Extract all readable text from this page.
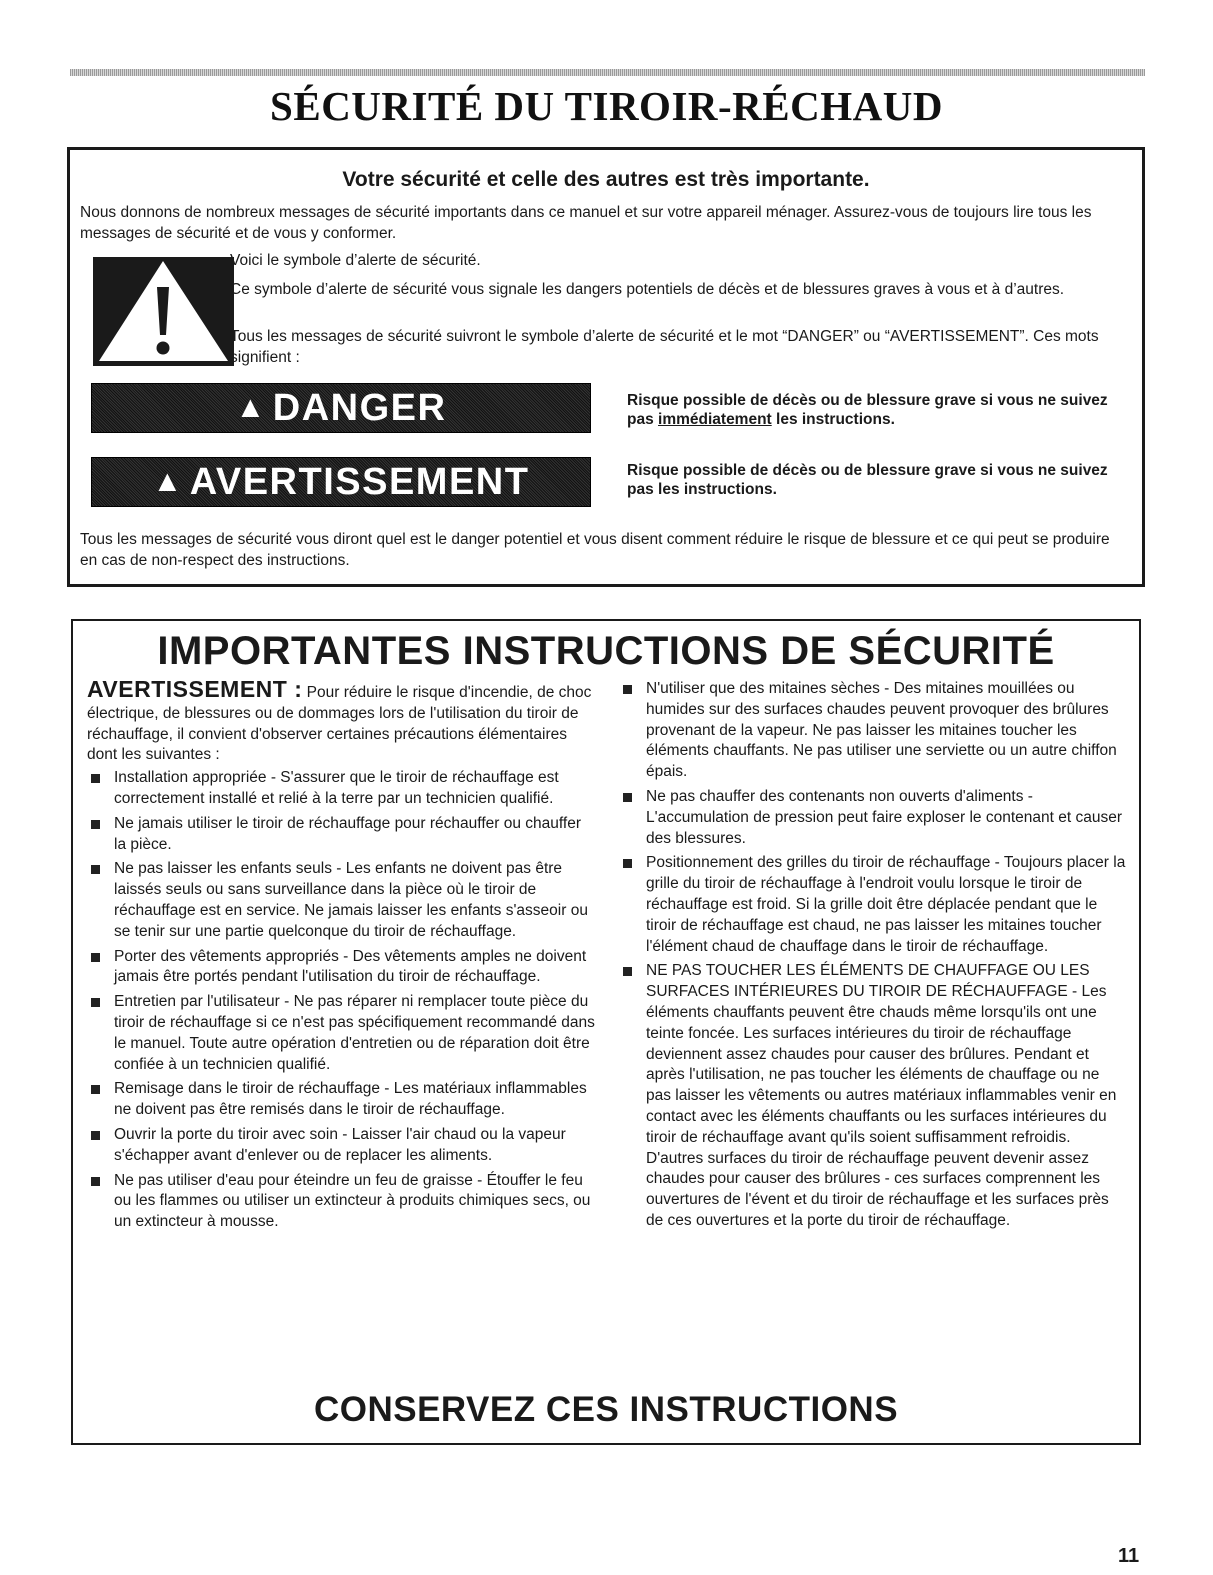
SÉCURITÉ DU TIROIR-RÉCHAUD
Votre sécurité et celle des autres est très importante.

Nous donnons de nombreux messages de sécurité importants dans ce manuel et sur votre appareil ménager. Assurez-vous de toujours lire tous les messages de sécurité et de vous y conformer.

Voici le symbole d’alerte de sécurité.

Ce symbole d’alerte de sécurité vous signale les dangers potentiels de décès et de blessures graves à vous et à d’autres.

Tous les messages de sécurité suivront le symbole d’alerte de sécurité et le mot “DANGER” ou “AVERTISSEMENT”. Ces mots signifient :

▲ DANGER	Risque possible de décès ou de blessure grave si vous ne suivez pas immédiatement les instructions.

▲ AVERTISSEMENT	Risque possible de décès ou de blessure grave si vous ne suivez pas les instructions.

Tous les messages de sécurité vous diront quel est le danger potentiel et vous disent comment réduire le risque de blessure et ce qui peut se produire en cas de non-respect des instructions.

IMPORTANTES INSTRUCTIONS DE SÉCURITÉ

AVERTISSEMENT : Pour réduire le risque d'incendie, de choc électrique, de blessures ou de dommages lors de l'utilisation du tiroir de réchauffage, il convient d'observer certaines précautions élémentaires dont les suivantes :

Installation appropriée - S'assurer que le tiroir de réchauffage est correctement installé et relié à la terre par un technicien qualifié.
Ne jamais utiliser le tiroir de réchauffage pour réchauffer ou chauffer la pièce.
Ne pas laisser les enfants seuls - Les enfants ne doivent pas être laissés seuls ou sans surveillance dans la pièce où le tiroir de réchauffage est en service. Ne jamais laisser les enfants s'asseoir ou se tenir sur une partie quelconque du tiroir de réchauffage.
Porter des vêtements appropriés - Des vêtements amples ne doivent jamais être portés pendant l'utilisation du tiroir de réchauffage.
Entretien par l'utilisateur - Ne pas réparer ni remplacer toute pièce du tiroir de réchauffage si ce n'est pas spécifiquement recommandé dans le manuel. Toute autre opération d'entretien ou de réparation doit être confiée à un technicien qualifié.
Remisage dans le tiroir de réchauffage - Les matériaux inflammables ne doivent pas être remisés dans le tiroir de réchauffage.
Ouvrir la porte du tiroir avec soin - Laisser l'air chaud ou la vapeur s'échapper avant d'enlever ou de replacer les aliments.
Ne pas utiliser d'eau pour éteindre un feu de graisse - Étouffer le feu ou les flammes ou utiliser un extincteur à produits chimiques secs, ou un extincteur à mousse.
N'utiliser que des mitaines sèches - Des mitaines mouillées ou humides sur des surfaces chaudes peuvent provoquer des brûlures provenant de la vapeur. Ne pas laisser les mitaines toucher les éléments chauffants. Ne pas utiliser une serviette ou un autre chiffon épais.
Ne pas chauffer des contenants non ouverts d'aliments - L'accumulation de pression peut faire exploser le contenant et causer des blessures.
Positionnement des grilles du tiroir de réchauffage - Toujours placer la grille du tiroir de réchauffage à l'endroit voulu lorsque le tiroir de réchauffage est froid. Si la grille doit être déplacée pendant que le tiroir de réchauffage est chaud, ne pas laisser les mitaines toucher l'élément chaud de chauffage dans le tiroir de réchauffage.
NE PAS TOUCHER LES ÉLÉMENTS DE CHAUFFAGE OU LES SURFACES INTÉRIEURES DU TIROIR DE RÉCHAUFFAGE - Les éléments chauffants peuvent être chauds même lorsqu'ils ont une teinte foncée. Les surfaces intérieures du tiroir de réchauffage deviennent assez chaudes pour causer des brûlures. Pendant et après l'utilisation, ne pas toucher les éléments de chauffage ou ne pas laisser les vêtements ou autres matériaux inflammables venir en contact avec les éléments chauffants ou les surfaces intérieures du tiroir de réchauffage avant qu'ils soient suffisamment refroidis. D'autres surfaces du tiroir de réchauffage peuvent devenir assez chaudes pour causer des brûlures - ces surfaces comprennent les ouvertures de l'évent et du tiroir de réchauffage et les surfaces près de ces ouvertures et la porte du tiroir de réchauffage.
CONSERVEZ CES INSTRUCTIONS
11
